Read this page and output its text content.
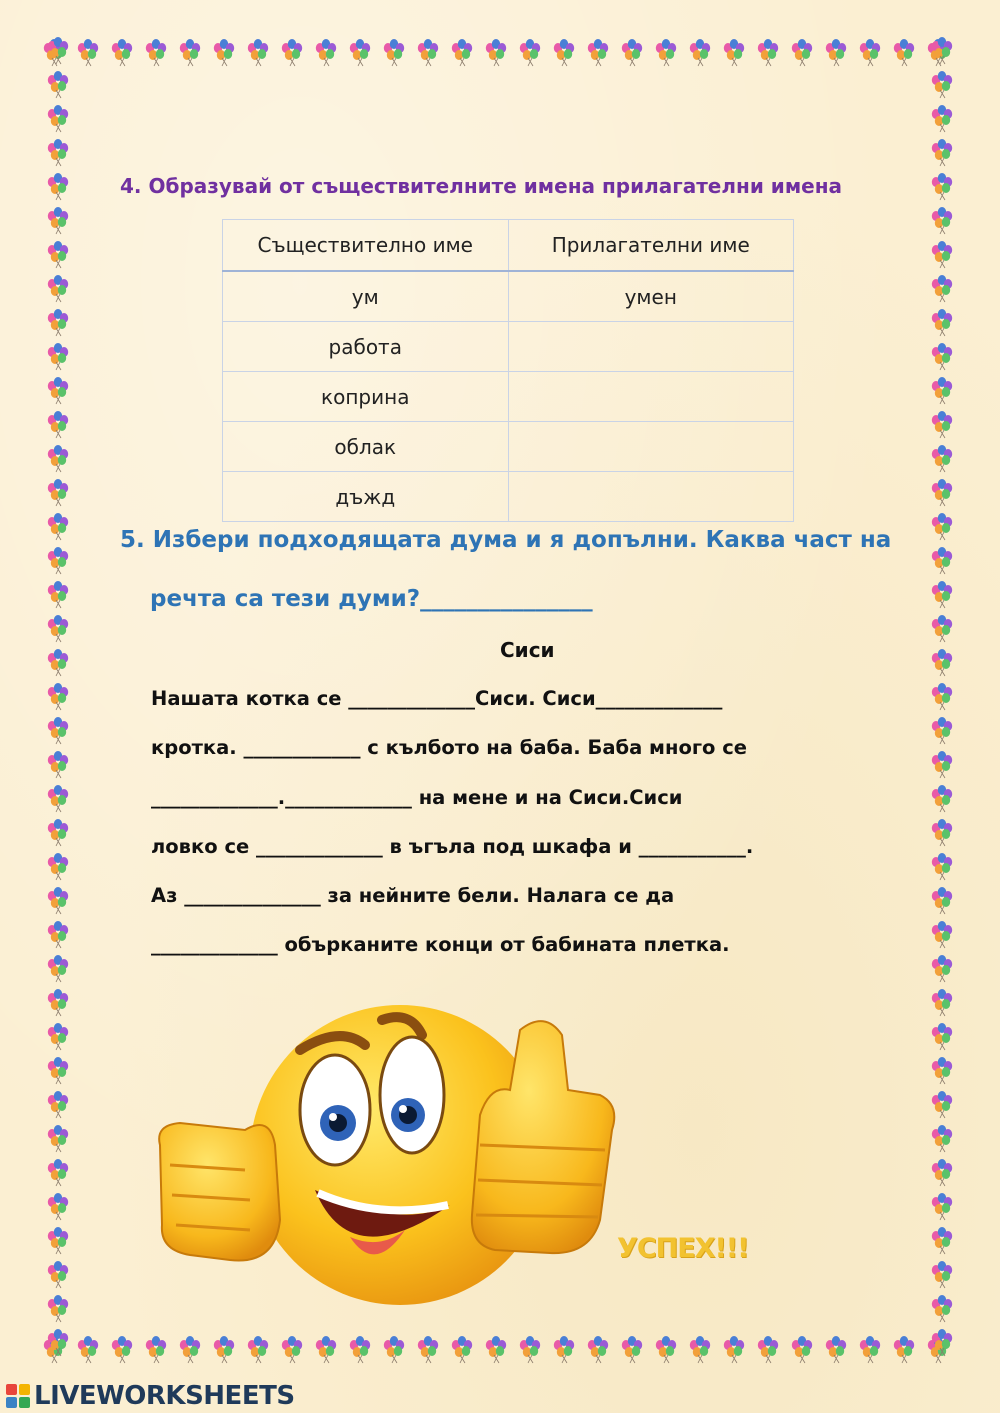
4. Образувай от съществителните имена прилагателни имена

Съществително име	Прилагателни име
ум	умен
работа	
коприна	
облак	
дъжд	

5. Избери подходящата дума и я допълни. Каква част на

речта са тези думи?_______________

Сиси
Нашата котка се _____________Сиси. Сиси_____________
кротка. ____________ с кълбото на баба. Баба много се
_____________._____________ на мене и на Сиси.Сиси
ловко се _____________ в ъгъла под шкафа и ___________.
Аз ______________ за нейните бели. Налага се да
_____________ объркaните конци от бабината плетка.
УСПЕХ!!!
LIVEWORKSHEETS
